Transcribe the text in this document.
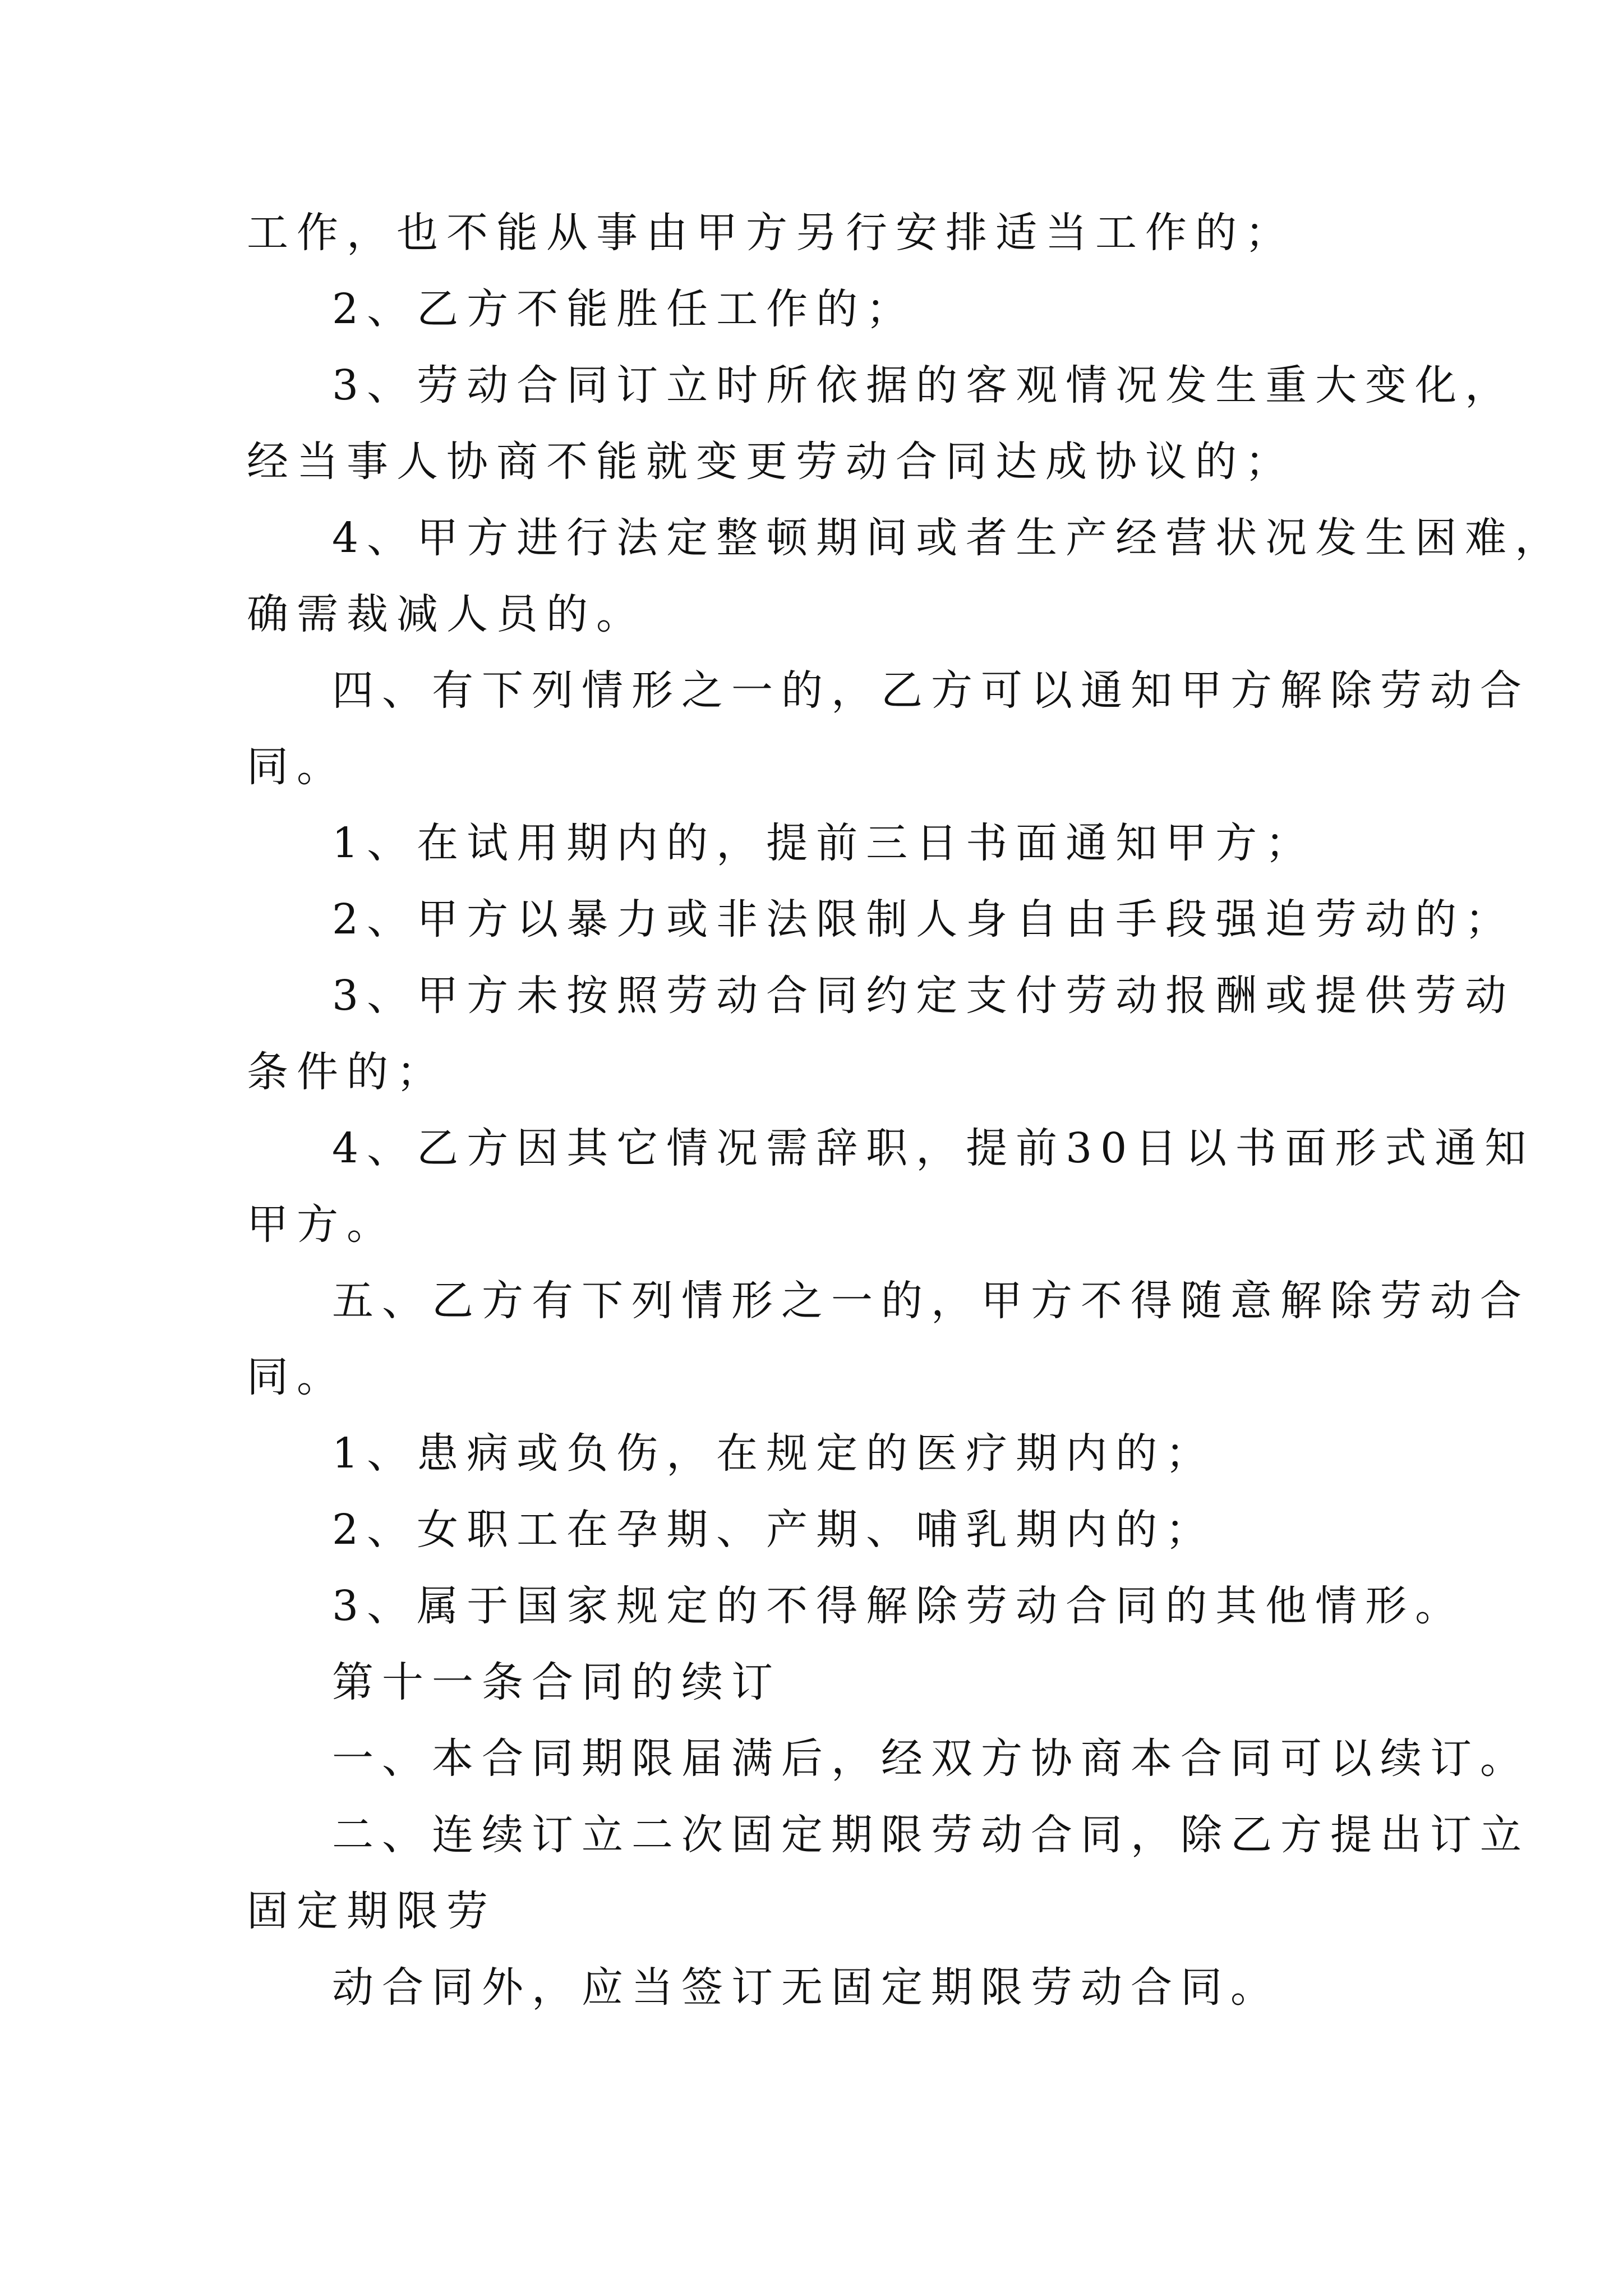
工作，也不能从事由甲方另行安排适当工作的；
2、乙方不能胜任工作的；
3、劳动合同订立时所依据的客观情况发生重大变化，
经当事人协商不能就变更劳动合同达成协议的；
4、甲方进行法定整顿期间或者生产经营状况发生困难，
确需裁减人员的。
四、有下列情形之一的，乙方可以通知甲方解除劳动合
同。
1、在试用期内的，提前三日书面通知甲方；
2、甲方以暴力或非法限制人身自由手段强迫劳动的；
3、甲方未按照劳动合同约定支付劳动报酬或提供劳动
条件的；
4、乙方因其它情况需辞职，提前30日以书面形式通知
甲方。
五、乙方有下列情形之一的，甲方不得随意解除劳动合
同。
1、患病或负伤，在规定的医疗期内的；
2、女职工在孕期、产期、哺乳期内的；
3、属于国家规定的不得解除劳动合同的其他情形。
第十一条合同的续订
一、本合同期限届满后，经双方协商本合同可以续订。
二、连续订立二次固定期限劳动合同，除乙方提出订立
固定期限劳
动合同外，应当签订无固定期限劳动合同。
